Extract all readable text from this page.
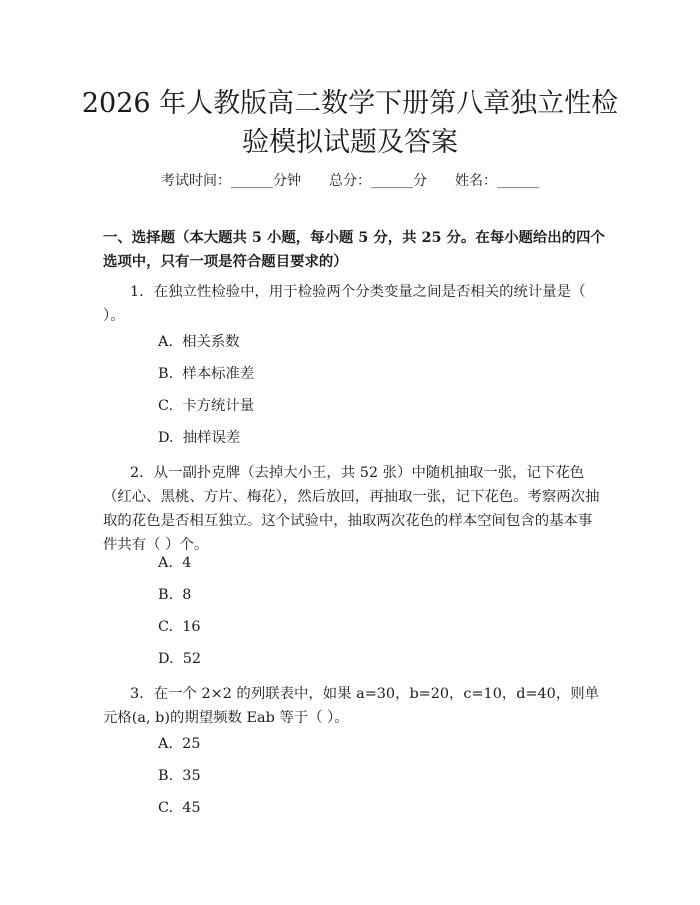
2026 年人教版高二数学下册第八章独立性检
验模拟试题及答案
考试时间：______分钟　　总分：______分　　姓名：______

一、选择题（本大题共 5 小题，每小题 5 分，共 25 分。在每小题给出的四个选项中，只有一项是符合题目要求的）

1. 在独立性检验中，用于检验两个分类变量之间是否相关的统计量是（ ）。

A.  相关系数
B.  样本标准差
C.  卡方统计量
D.  抽样误差

2. 从一副扑克牌（去掉大小王，共 52 张）中随机抽取一张，记下花色（红心、黑桃、方片、梅花），然后放回，再抽取一张，记下花色。考察两次抽取的花色是否相互独立。这个试验中，抽取两次花色的样本空间包含的基本事件共有（ ）个。

A.  4
B.  8
C.  16
D.  52

3. 在一个 2×2 的列联表中，如果 a=30，b=20，c=10，d=40，则单元格(a, b)的期望频数 Eab 等于（ ）。

A.  25
B.  35
C.  45
